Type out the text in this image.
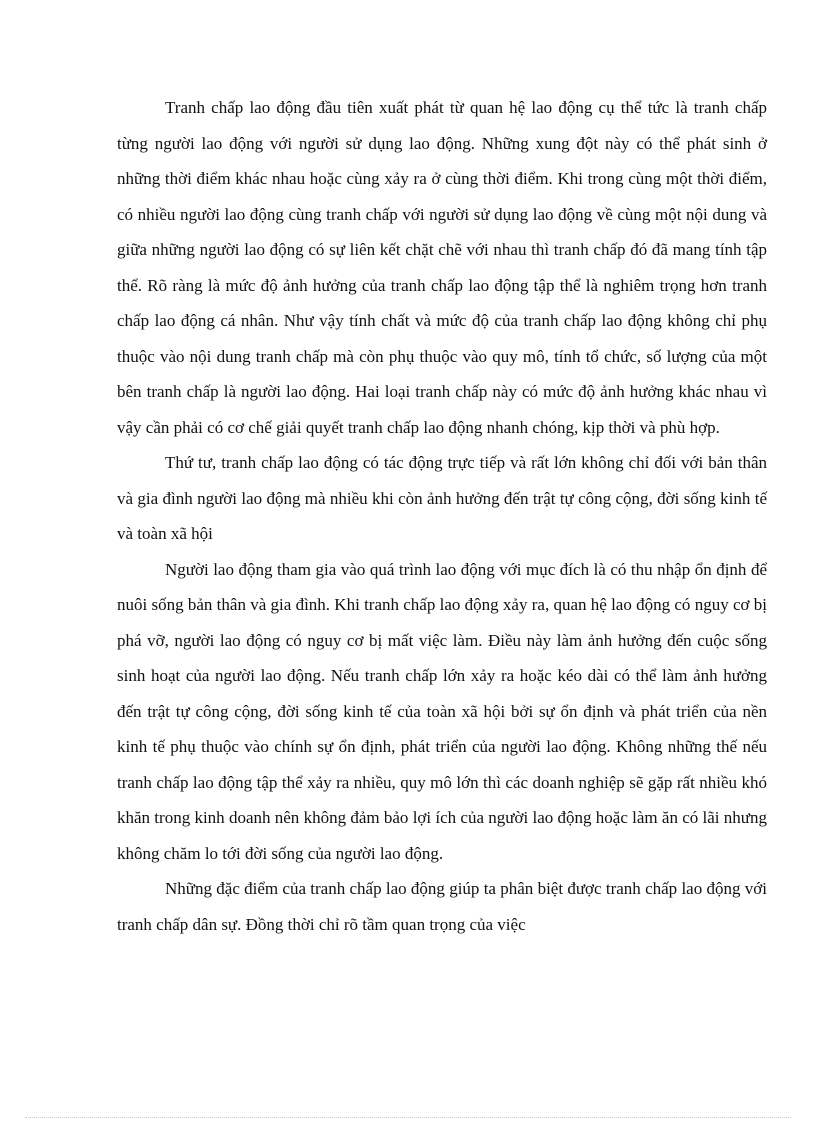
Tranh chấp lao động đầu tiên xuất phát từ quan hệ lao động cụ thể tức là tranh chấp từng người lao động với người sử dụng lao động. Những xung đột này có thể phát sinh ở những thời điểm khác nhau hoặc cùng xảy ra ở cùng thời điểm. Khi trong cùng một thời điểm, có nhiều người lao động cùng tranh chấp với người sử dụng lao động về cùng một nội dung và giữa những người lao động có sự liên kết chặt chẽ với nhau thì tranh chấp đó đã mang tính tập thể. Rõ ràng là mức độ ảnh hưởng của tranh chấp lao động tập thể là nghiêm trọng hơn tranh chấp lao động cá nhân. Như vậy tính chất và mức độ của tranh chấp lao động không chỉ phụ thuộc vào nội dung tranh chấp mà còn phụ thuộc vào quy mô, tính tổ chức, số lượng của một bên tranh chấp là người lao động. Hai loại tranh chấp này có mức độ ảnh hưởng khác nhau vì vậy cần phải có cơ chế giải quyết tranh chấp lao động nhanh chóng, kịp thời và phù hợp.

Thứ tư, tranh chấp lao động có tác động trực tiếp và rất lớn không chỉ đối với bản thân và gia đình người lao động mà nhiều khi còn ảnh hưởng đến trật tự công cộng, đời sống kinh tế và toàn xã hội

Người lao động tham gia vào quá trình lao động với mục đích là có thu nhập ổn định để nuôi sống bản thân và gia đình. Khi tranh chấp lao động xảy ra, quan hệ lao động có nguy cơ bị phá vỡ, người lao động có nguy cơ bị mất việc làm. Điều này làm ảnh hưởng đến cuộc sống sinh hoạt của người lao động. Nếu tranh chấp lớn xảy ra hoặc kéo dài có thể làm ảnh hưởng đến trật tự công cộng, đời sống kinh tế của toàn xã hội bởi sự ổn định và phát triển của nền kinh tế phụ thuộc vào chính sự ổn định, phát triển của người lao động. Không những thế nếu tranh chấp lao động tập thể xảy ra nhiều, quy mô lớn thì các doanh nghiệp sẽ gặp rất nhiều khó khăn trong kinh doanh nên không đảm bảo lợi ích của người lao động hoặc làm ăn có lãi nhưng không chăm lo tới đời sống của người lao động.

Những đặc điểm của tranh chấp lao động giúp ta phân biệt được tranh chấp lao động với tranh chấp dân sự. Đồng thời chỉ rõ tầm quan trọng của việc
